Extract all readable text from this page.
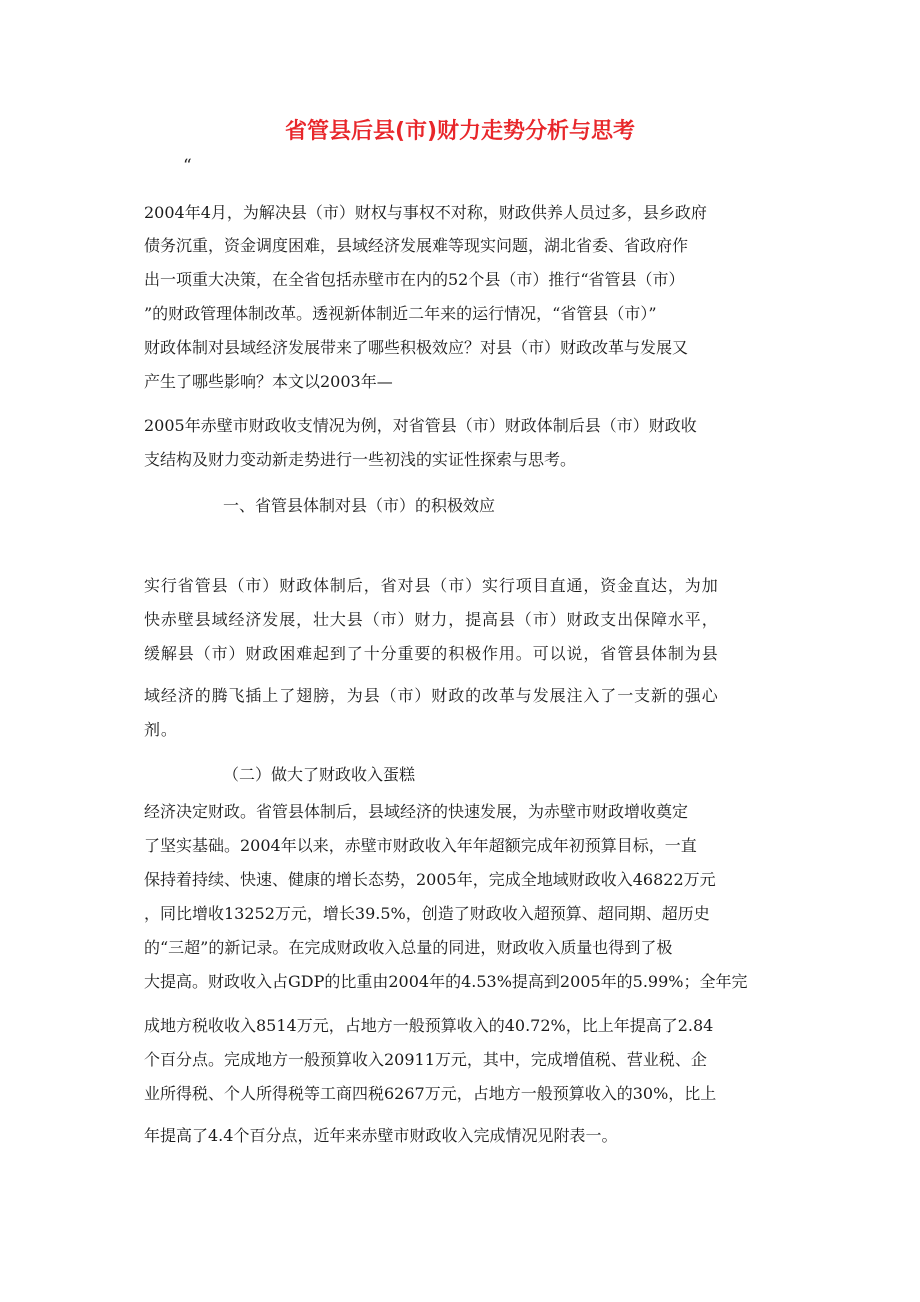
省管县后县(市)财力走势分析与思考
“
2004年4月，为解决县（市）财权与事权不对称，财政供养人员过多，县乡政府
债务沉重，资金调度困难，县域经济发展难等现实问题，湖北省委、省政府作
出一项重大决策，在全省包括赤壁市在内的52个县（市）推行“省管县（市）
”的财政管理体制改革。透视新体制近二年来的运行情况，“省管县（市）”
财政体制对县域经济发展带来了哪些积极效应？对县（市）财政改革与发展又
产生了哪些影响？本文以2003年—
2005年赤壁市财政收支情况为例，对省管县（市）财政体制后县（市）财政收
支结构及财力变动新走势进行一些初浅的实证性探索与思考。
一、省管县体制对县（市）的积极效应
实行省管县（市）财政体制后，省对县（市）实行项目直通，资金直达，为加
快赤壁县域经济发展，壮大县（市）财力，提高县（市）财政支出保障水平，
缓解县（市）财政困难起到了十分重要的积极作用。可以说，省管县体制为县
域经济的腾飞插上了翅膀，为县（市）财政的改革与发展注入了一支新的强心
剂。
（二）做大了财政收入蛋糕
经济决定财政。省管县体制后，县域经济的快速发展，为赤壁市财政增收奠定
了坚实基础。2004年以来，赤壁市财政收入年年超额完成年初预算目标，一直
保持着持续、快速、健康的增长态势，2005年，完成全地域财政收入46822万元
，同比增收13252万元，增长39.5%，创造了财政收入超预算、超同期、超历史
的“三超”的新记录。在完成财政收入总量的同进，财政收入质量也得到了极
大提高。财政收入占GDP的比重由2004年的4.53%提高到2005年的5.99%；全年完
成地方税收收入8514万元，占地方一般预算收入的40.72%，比上年提高了2.84
个百分点。完成地方一般预算收入20911万元，其中，完成增值税、营业税、企
业所得税、个人所得税等工商四税6267万元，占地方一般预算收入的30%，比上
年提高了4.4个百分点，近年来赤壁市财政收入完成情况见附表一。
